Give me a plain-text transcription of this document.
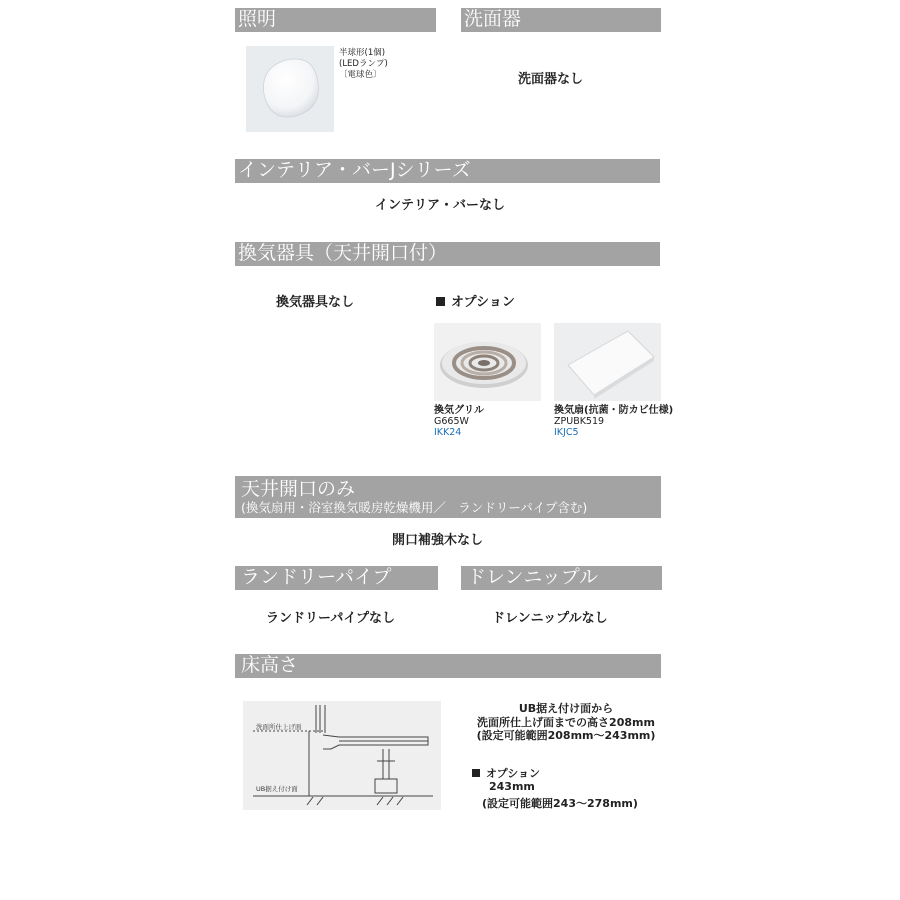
照明
半球形(1個)
(LEDランプ)
〔電球色〕
洗面器
洗面器なし
インテリア・バーJシリーズ
インテリア・バーなし
換気器具（天井開口付）
換気器具なし	オプション
換気グリル
G665W
IKK24
換気扇(抗菌・防カビ仕様)
ZPUBK519
IKJC5
天井開口のみ
(換気扇用・浴室換気暖房乾燥機用／　ランドリーパイプ含む)
開口補強木なし
ランドリーパイプ	ドレンニップル
ランドリーパイプなし	ドレンニップルなし
床高さ
洗面所仕上げ面
UB据え付け面
UB据え付け面から
洗面所仕上げ面までの高さ208mm
(設定可能範囲208mm～243mm)
オプション
243mm
(設定可能範囲243～278mm)
